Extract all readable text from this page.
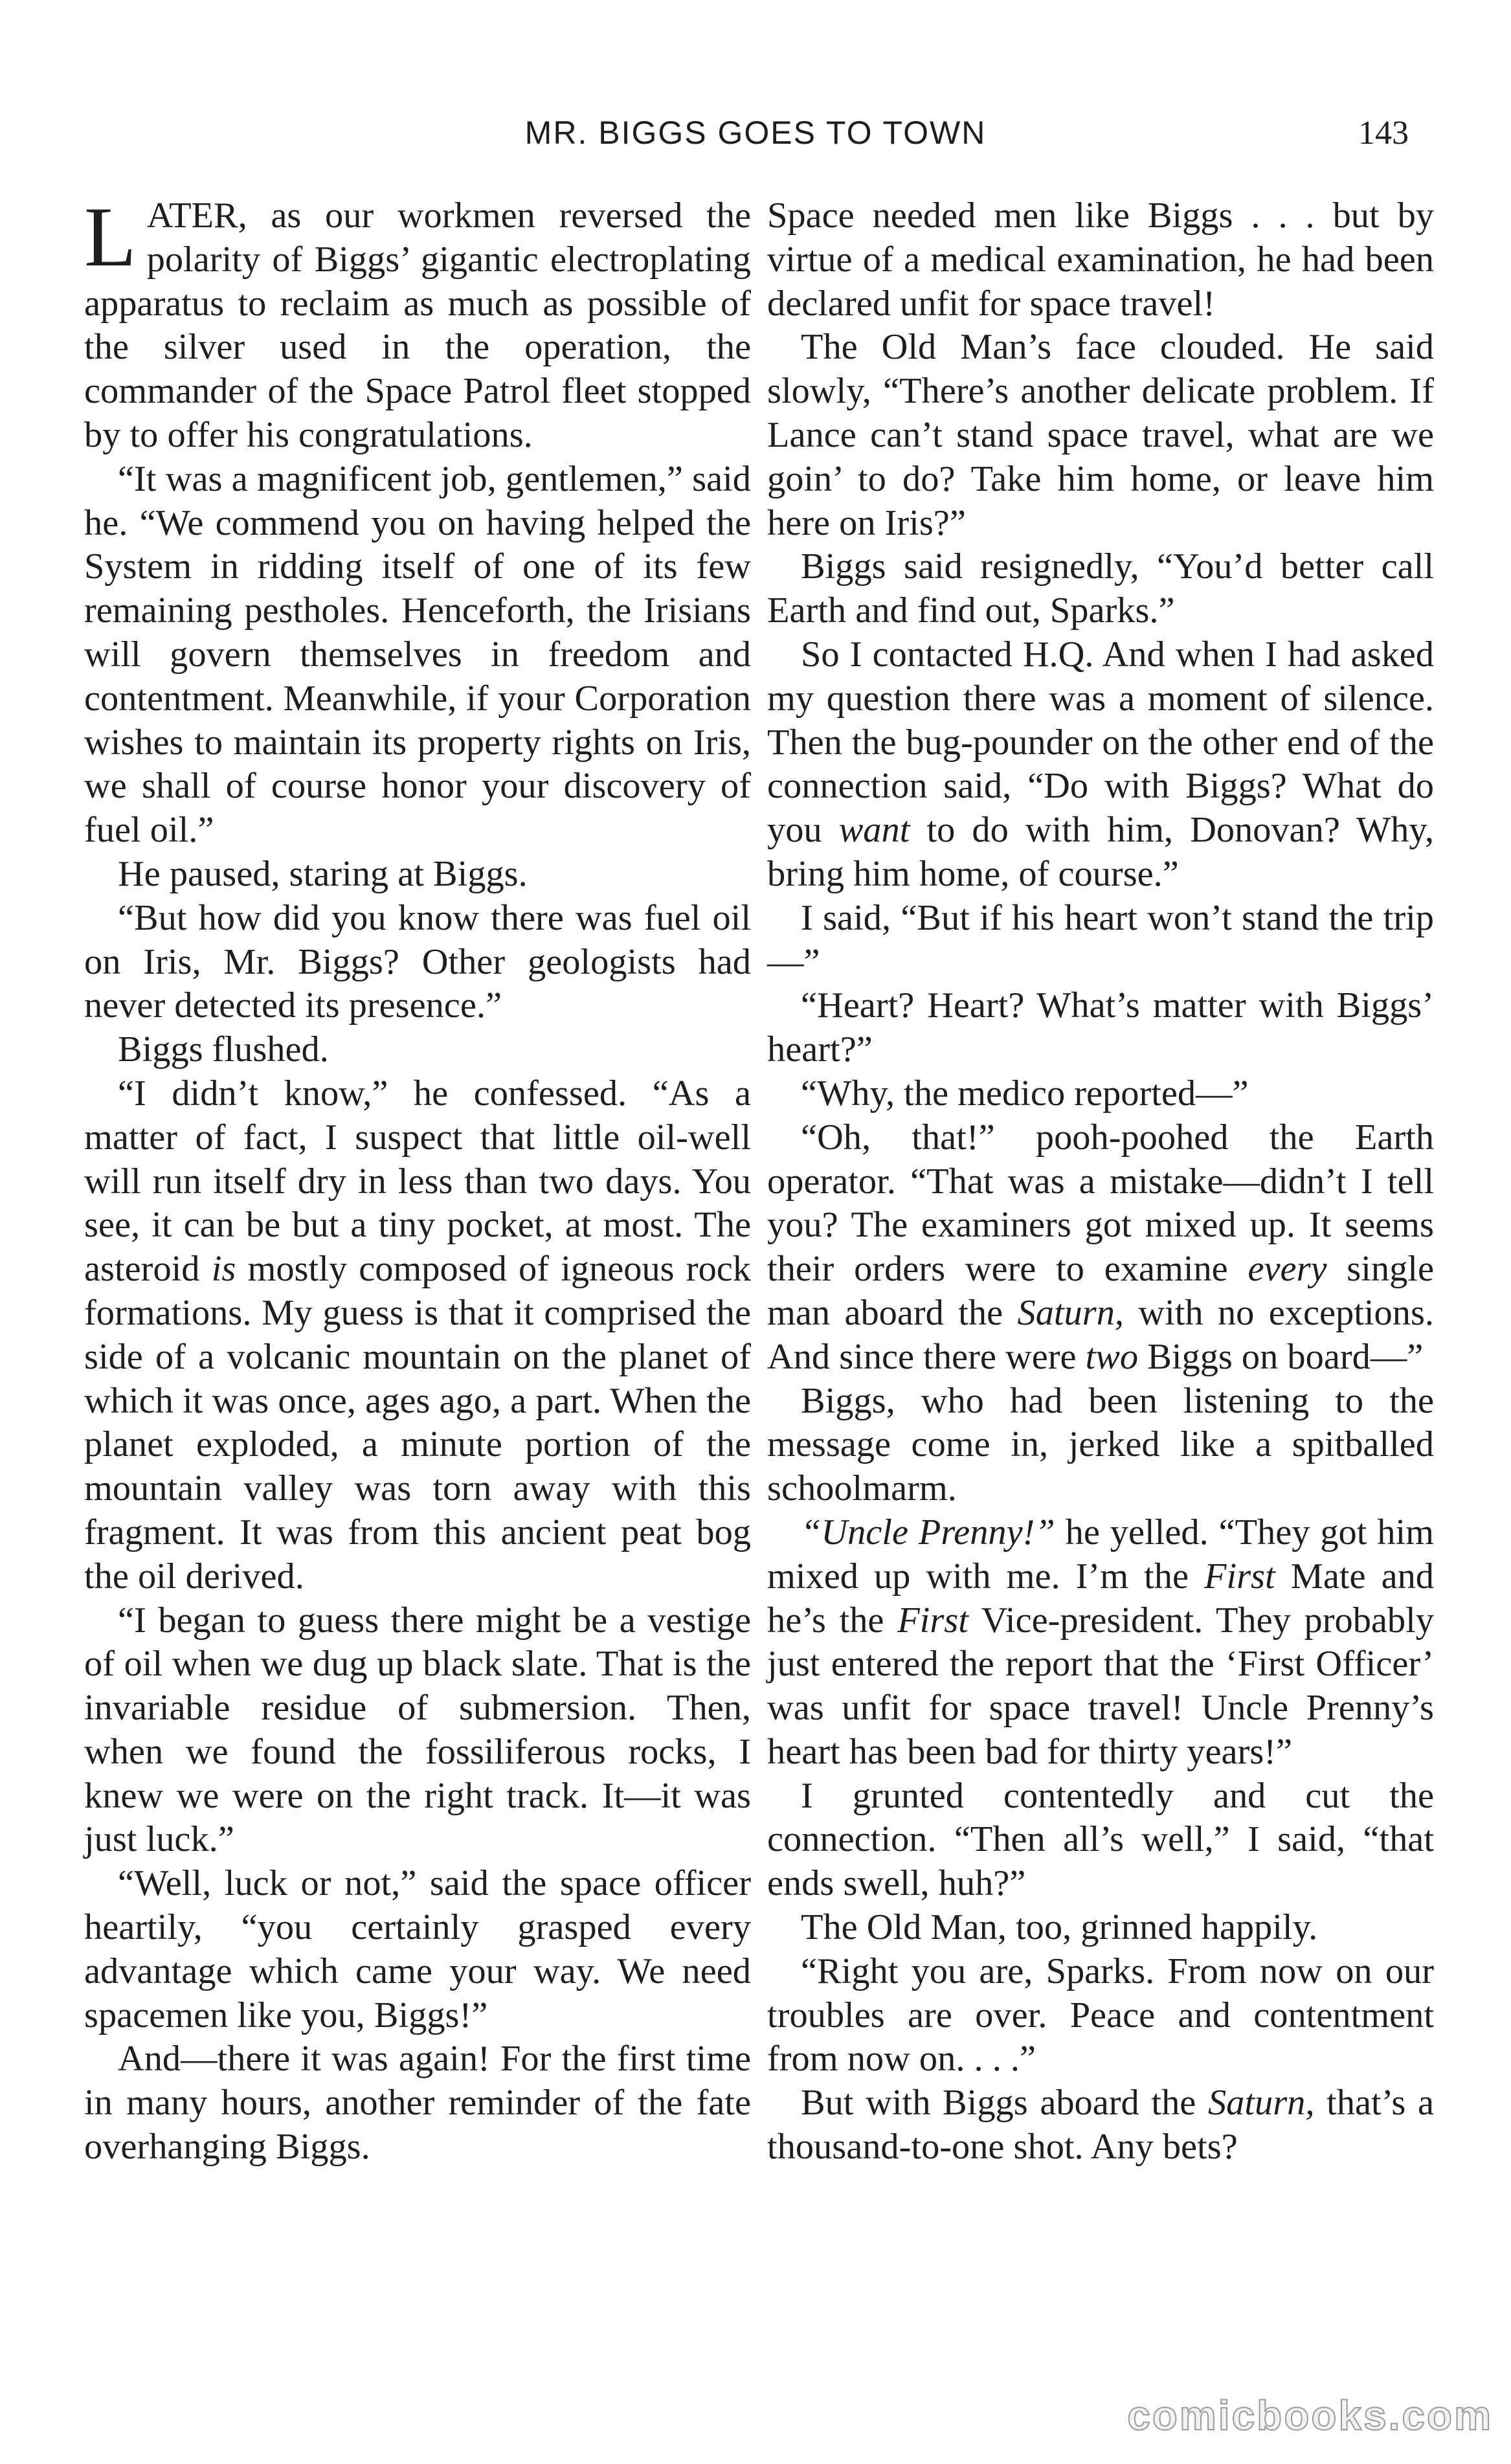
MR. BIGGS GOES TO TOWN	143

LATER, as our workmen reversed the polarity of Biggs’ gigantic electroplating apparatus to reclaim as much as possible of the silver used in the operation, the commander of the Space Patrol fleet stopped by to offer his congratulations.

“It was a magnificent job, gentlemen,” said he. “We commend you on having helped the System in ridding itself of one of its few remaining pestholes. Henceforth, the Irisians will govern themselves in freedom and contentment. Meanwhile, if your Corporation wishes to maintain its property rights on Iris, we shall of course honor your discovery of fuel oil.”

He paused, staring at Biggs.

“But how did you know there was fuel oil on Iris, Mr. Biggs? Other geologists had never detected its presence.”

Biggs flushed.

“I didn’t know,” he confessed. “As a matter of fact, I suspect that little oil-well will run itself dry in less than two days. You see, it can be but a tiny pocket, at most. The asteroid is mostly composed of igneous rock formations. My guess is that it comprised the side of a volcanic mountain on the planet of which it was once, ages ago, a part. When the planet exploded, a minute portion of the mountain valley was torn away with this fragment. It was from this ancient peat bog the oil derived.

“I began to guess there might be a vestige of oil when we dug up black slate. That is the invariable residue of submersion. Then, when we found the fossiliferous rocks, I knew we were on the right track. It—it was just luck.”

“Well, luck or not,” said the space officer heartily, “you certainly grasped every advantage which came your way. We need spacemen like you, Biggs!”

And—there it was again! For the first time in many hours, another reminder of the fate overhanging Biggs.

Space needed men like Biggs . . . but by virtue of a medical examination, he had been declared unfit for space travel!

The Old Man’s face clouded. He said slowly, “There’s another delicate problem. If Lance can’t stand space travel, what are we goin’ to do? Take him home, or leave him here on Iris?”

Biggs said resignedly, “You’d better call Earth and find out, Sparks.”

So I contacted H.Q. And when I had asked my question there was a moment of silence. Then the bug-pounder on the other end of the connection said, “Do with Biggs? What do you want to do with him, Donovan? Why, bring him home, of course.”

I said, “But if his heart won’t stand the trip—”

“Heart? Heart? What’s matter with Biggs’ heart?”

“Why, the medico reported—”

“Oh, that!” pooh-poohed the Earth operator. “That was a mistake—didn’t I tell you? The examiners got mixed up. It seems their orders were to examine every single man aboard the Saturn, with no exceptions. And since there were two Biggs on board—”

Biggs, who had been listening to the message come in, jerked like a spitballed schoolmarm.

“Uncle Prenny!” he yelled. “They got him mixed up with me. I’m the First Mate and he’s the First Vice-president. They probably just entered the report that the ‘First Officer’ was unfit for space travel! Uncle Prenny’s heart has been bad for thirty years!”

I grunted contentedly and cut the connection. “Then all’s well,” I said, “that ends swell, huh?”

The Old Man, too, grinned happily.

“Right you are, Sparks. From now on our troubles are over. Peace and contentment from now on. . . .”

But with Biggs aboard the Saturn, that’s a thousand-to-one shot. Any bets?

comicbooks.com
